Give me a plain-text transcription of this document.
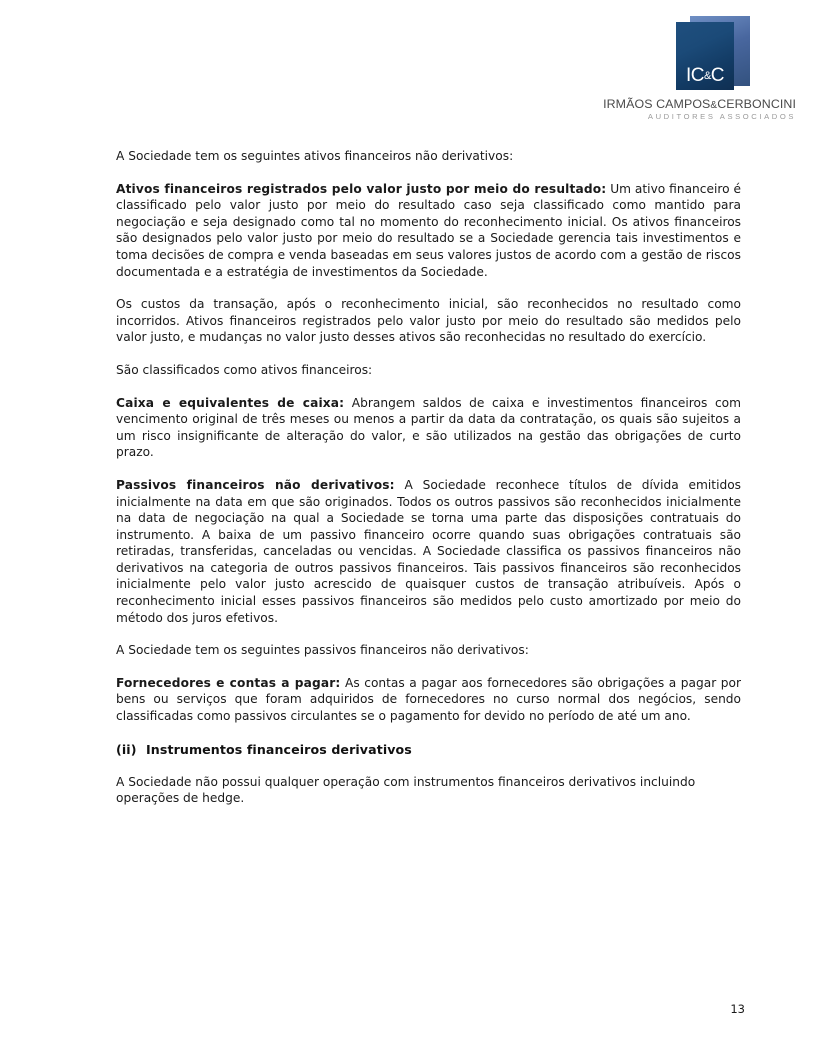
IC&C
IRMÃOS CAMPOS&CERBONCINI
AUDITORES ASSOCIADOS

A Sociedade tem os seguintes ativos financeiros não derivativos:

Ativos financeiros registrados pelo valor justo por meio do resultado: Um ativo financeiro é classificado pelo valor justo por meio do resultado caso seja classificado como mantido para negociação e seja designado como tal no momento do reconhecimento inicial. Os ativos financeiros são designados pelo valor justo por meio do resultado se a Sociedade gerencia tais investimentos e toma decisões de compra e venda baseadas em seus valores justos de acordo com a gestão de riscos documentada e a estratégia de investimentos da Sociedade.

Os custos da transação, após o reconhecimento inicial, são reconhecidos no resultado como incorridos. Ativos financeiros registrados pelo valor justo por meio do resultado são medidos pelo valor justo, e mudanças no valor justo desses ativos são reconhecidas no resultado do exercício.

São classificados como ativos financeiros:

Caixa e equivalentes de caixa: Abrangem saldos de caixa e investimentos financeiros com vencimento original de três meses ou menos a partir da data da contratação, os quais são sujeitos a um risco insignificante de alteração do valor, e são utilizados na gestão das obrigações de curto prazo.

Passivos financeiros não derivativos: A Sociedade reconhece títulos de dívida emitidos inicialmente na data em que são originados. Todos os outros passivos são reconhecidos inicialmente na data de negociação na qual a Sociedade se torna uma parte das disposições contratuais do instrumento. A baixa de um passivo financeiro ocorre quando suas obrigações contratuais são retiradas, transferidas, canceladas ou vencidas. A Sociedade classifica os passivos financeiros não derivativos na categoria de outros passivos financeiros. Tais passivos financeiros são reconhecidos inicialmente pelo valor justo acrescido de quaisquer custos de transação atribuíveis. Após o reconhecimento inicial esses passivos financeiros são medidos pelo custo amortizado por meio do método dos juros efetivos.

A Sociedade tem os seguintes passivos financeiros não derivativos:

Fornecedores e contas a pagar: As contas a pagar aos fornecedores são obrigações a pagar por bens ou serviços que foram adquiridos de fornecedores no curso normal dos negócios, sendo classificadas como passivos circulantes se o pagamento for devido no período de até um ano.

(ii) Instrumentos financeiros derivativos

A Sociedade não possui qualquer operação com instrumentos financeiros derivativos incluindo operações de hedge.

13
